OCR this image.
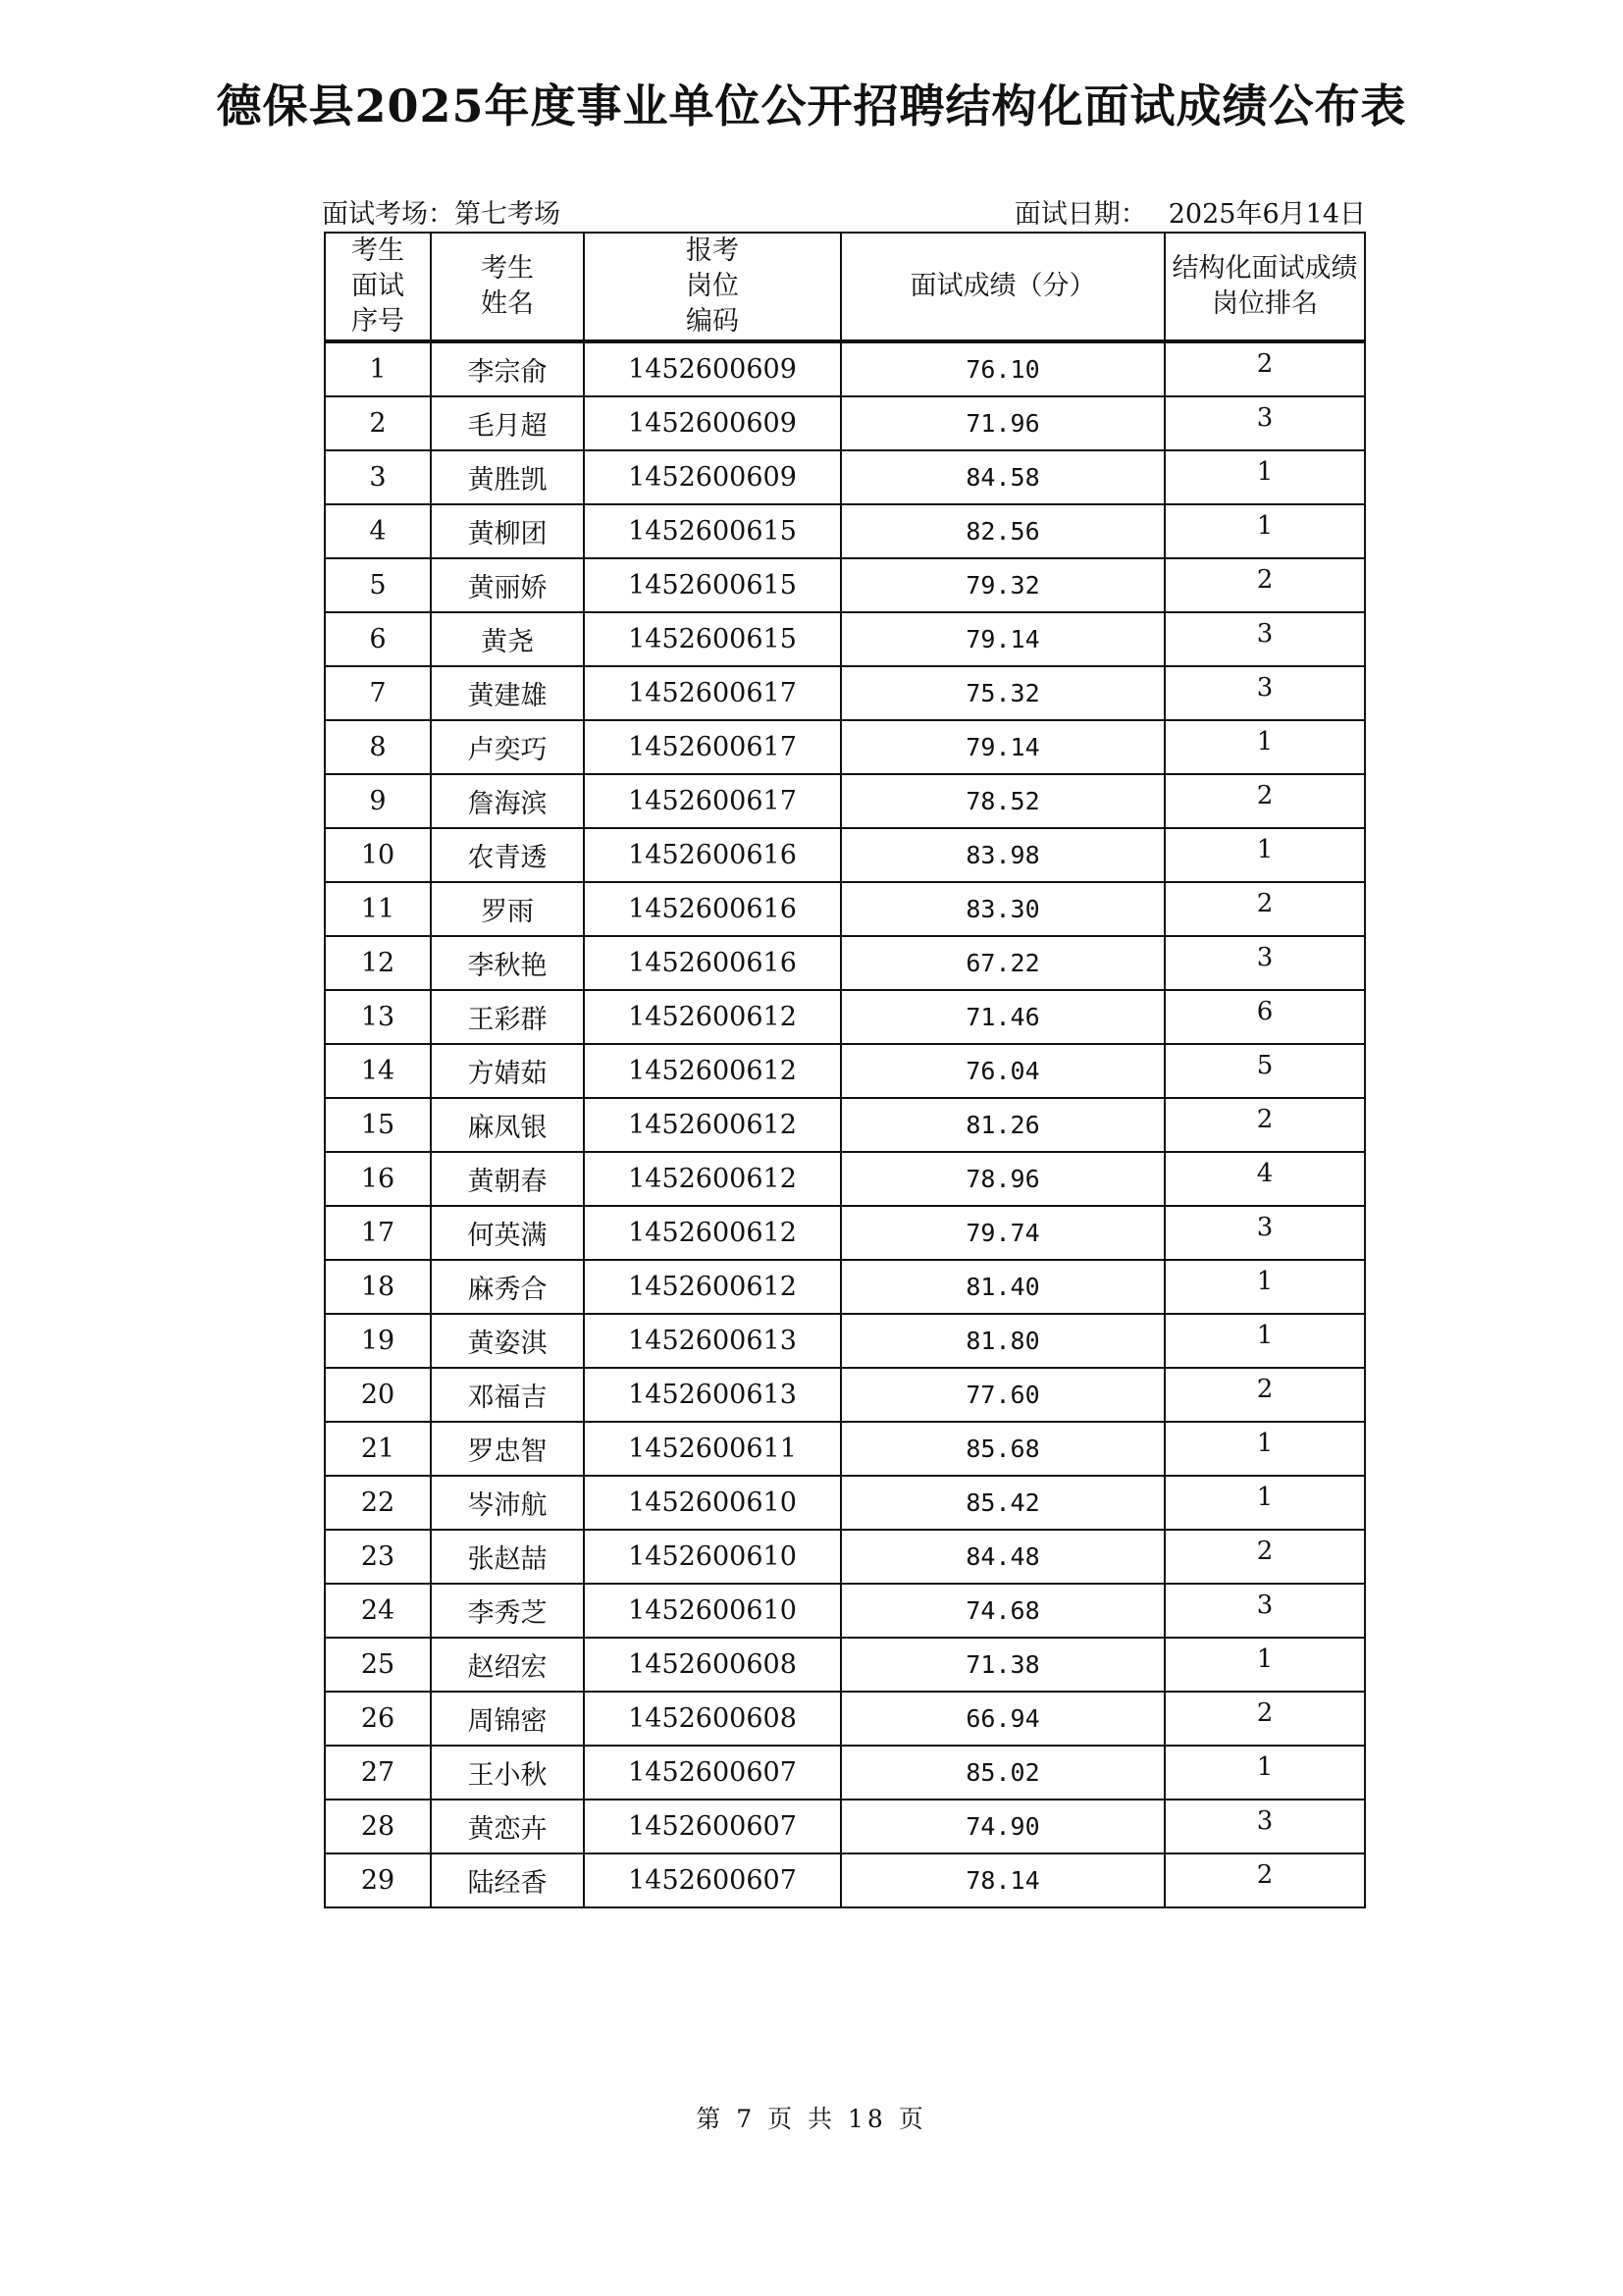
德保县2025年度事业单位公开招聘结构化面试成绩公布表
面试考场：第七考场	面试日期： 2025年6月14日
考生面试序号	考生姓名	报考岗位编码	面试成绩（分）	结构化面试成绩岗位排名

1	李宗俞	1452600609	76.10	2
2	毛月超	1452600609	71.96	3
3	黄胜凯	1452600609	84.58	1
4	黄柳团	1452600615	82.56	1
5	黄丽娇	1452600615	79.32	2
6	黄尧	1452600615	79.14	3
7	黄建雄	1452600617	75.32	3
8	卢奕巧	1452600617	79.14	1
9	詹海滨	1452600617	78.52	2
10	农青透	1452600616	83.98	1
11	罗雨	1452600616	83.30	2
12	李秋艳	1452600616	67.22	3
13	王彩群	1452600612	71.46	6
14	方婧茹	1452600612	76.04	5
15	麻凤银	1452600612	81.26	2
16	黄朝春	1452600612	78.96	4
17	何英满	1452600612	79.74	3
18	麻秀合	1452600612	81.40	1
19	黄姿淇	1452600613	81.80	1
20	邓福吉	1452600613	77.60	2
21	罗忠智	1452600611	85.68	1
22	岑沛航	1452600610	85.42	1
23	张赵喆	1452600610	84.48	2
24	李秀芝	1452600610	74.68	3
25	赵绍宏	1452600608	71.38	1
26	周锦密	1452600608	66.94	2
27	王小秋	1452600607	85.02	1
28	黄恋卉	1452600607	74.90	3
29	陆经香	1452600607	78.14	2
第 7 页 共 18 页
